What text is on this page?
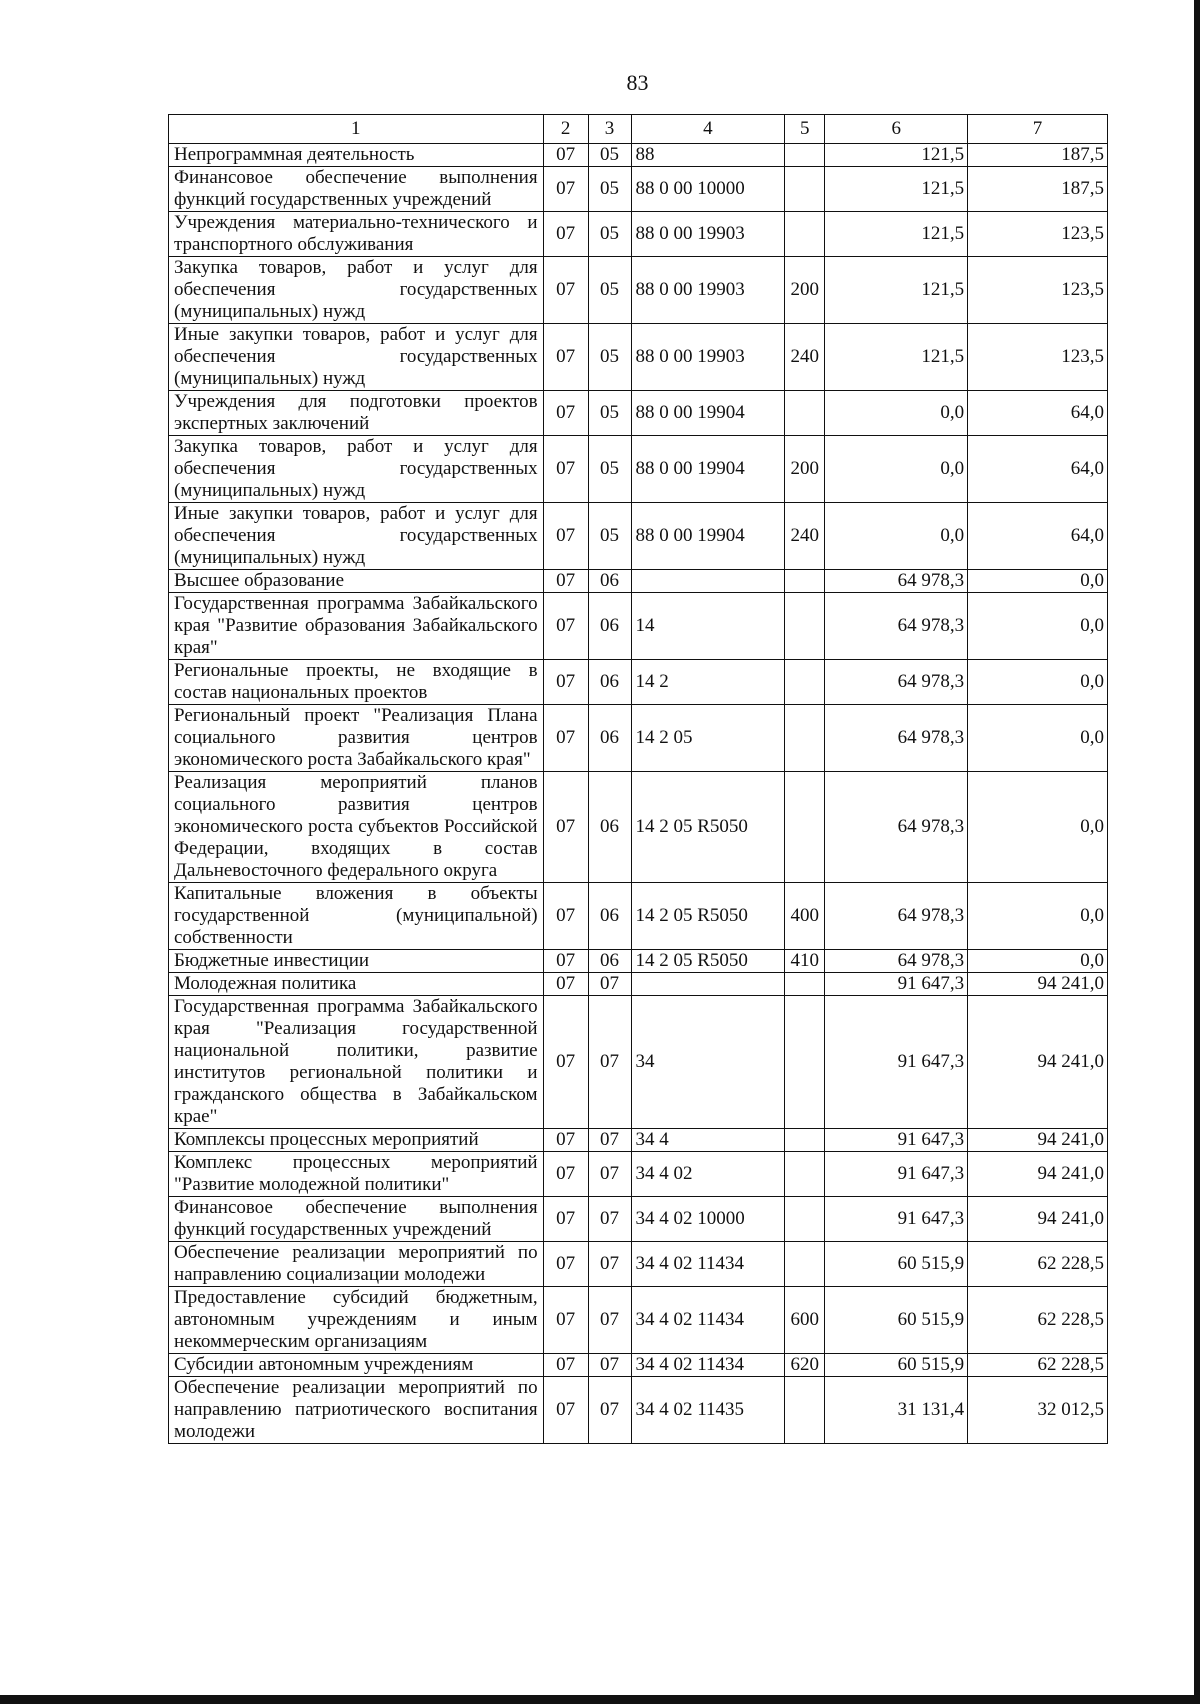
83
1	2	3	4	5	6	7
Непрограммная деятельность	07	05	88		121,5	187,5
Финансовое обеспечение выполнения функций государственных учреждений	07	05	88 0 00 10000		121,5	187,5
Учреждения материально-технического и транспортного обслуживания	07	05	88 0 00 19903		121,5	123,5
Закупка товаров, работ и услуг для обеспечения государственных (муниципальных) нужд	07	05	88 0 00 19903	200	121,5	123,5
Иные закупки товаров, работ и услуг для обеспечения государственных (муниципальных) нужд	07	05	88 0 00 19903	240	121,5	123,5
Учреждения для подготовки проектов экспертных заключений	07	05	88 0 00 19904		0,0	64,0
Закупка товаров, работ и услуг для обеспечения государственных (муниципальных) нужд	07	05	88 0 00 19904	200	0,0	64,0
Иные закупки товаров, работ и услуг для обеспечения государственных (муниципальных) нужд	07	05	88 0 00 19904	240	0,0	64,0
Высшее образование	07	06			64 978,3	0,0
Государственная программа Забайкальского края "Развитие образования Забайкальского края"	07	06	14		64 978,3	0,0
Региональные проекты, не входящие в состав национальных проектов	07	06	14 2		64 978,3	0,0
Региональный проект "Реализация Плана социального развития центров экономического роста Забайкальского края"	07	06	14 2 05		64 978,3	0,0
Реализация мероприятий планов социального развития центров экономического роста субъектов Российской Федерации, входящих в состав Дальневосточного федерального округа	07	06	14 2 05 R5050		64 978,3	0,0
Капитальные вложения в объекты государственной (муниципальной) собственности	07	06	14 2 05 R5050	400	64 978,3	0,0
Бюджетные инвестиции	07	06	14 2 05 R5050	410	64 978,3	0,0
Молодежная политика	07	07			91 647,3	94 241,0
Государственная программа Забайкальского края "Реализация государственной национальной политики, развитие институтов региональной политики и гражданского общества в Забайкальском крае"	07	07	34		91 647,3	94 241,0
Комплексы процессных мероприятий	07	07	34 4		91 647,3	94 241,0
Комплекс процессных мероприятий "Развитие молодежной политики"	07	07	34 4 02		91 647,3	94 241,0
Финансовое обеспечение выполнения функций государственных учреждений	07	07	34 4 02 10000		91 647,3	94 241,0
Обеспечение реализации мероприятий по направлению социализации молодежи	07	07	34 4 02 11434		60 515,9	62 228,5
Предоставление субсидий бюджетным, автономным учреждениям и иным некоммерческим организациям	07	07	34 4 02 11434	600	60 515,9	62 228,5
Субсидии автономным учреждениям	07	07	34 4 02 11434	620	60 515,9	62 228,5
Обеспечение реализации мероприятий по направлению патриотического воспитания молодежи	07	07	34 4 02 11435		31 131,4	32 012,5
